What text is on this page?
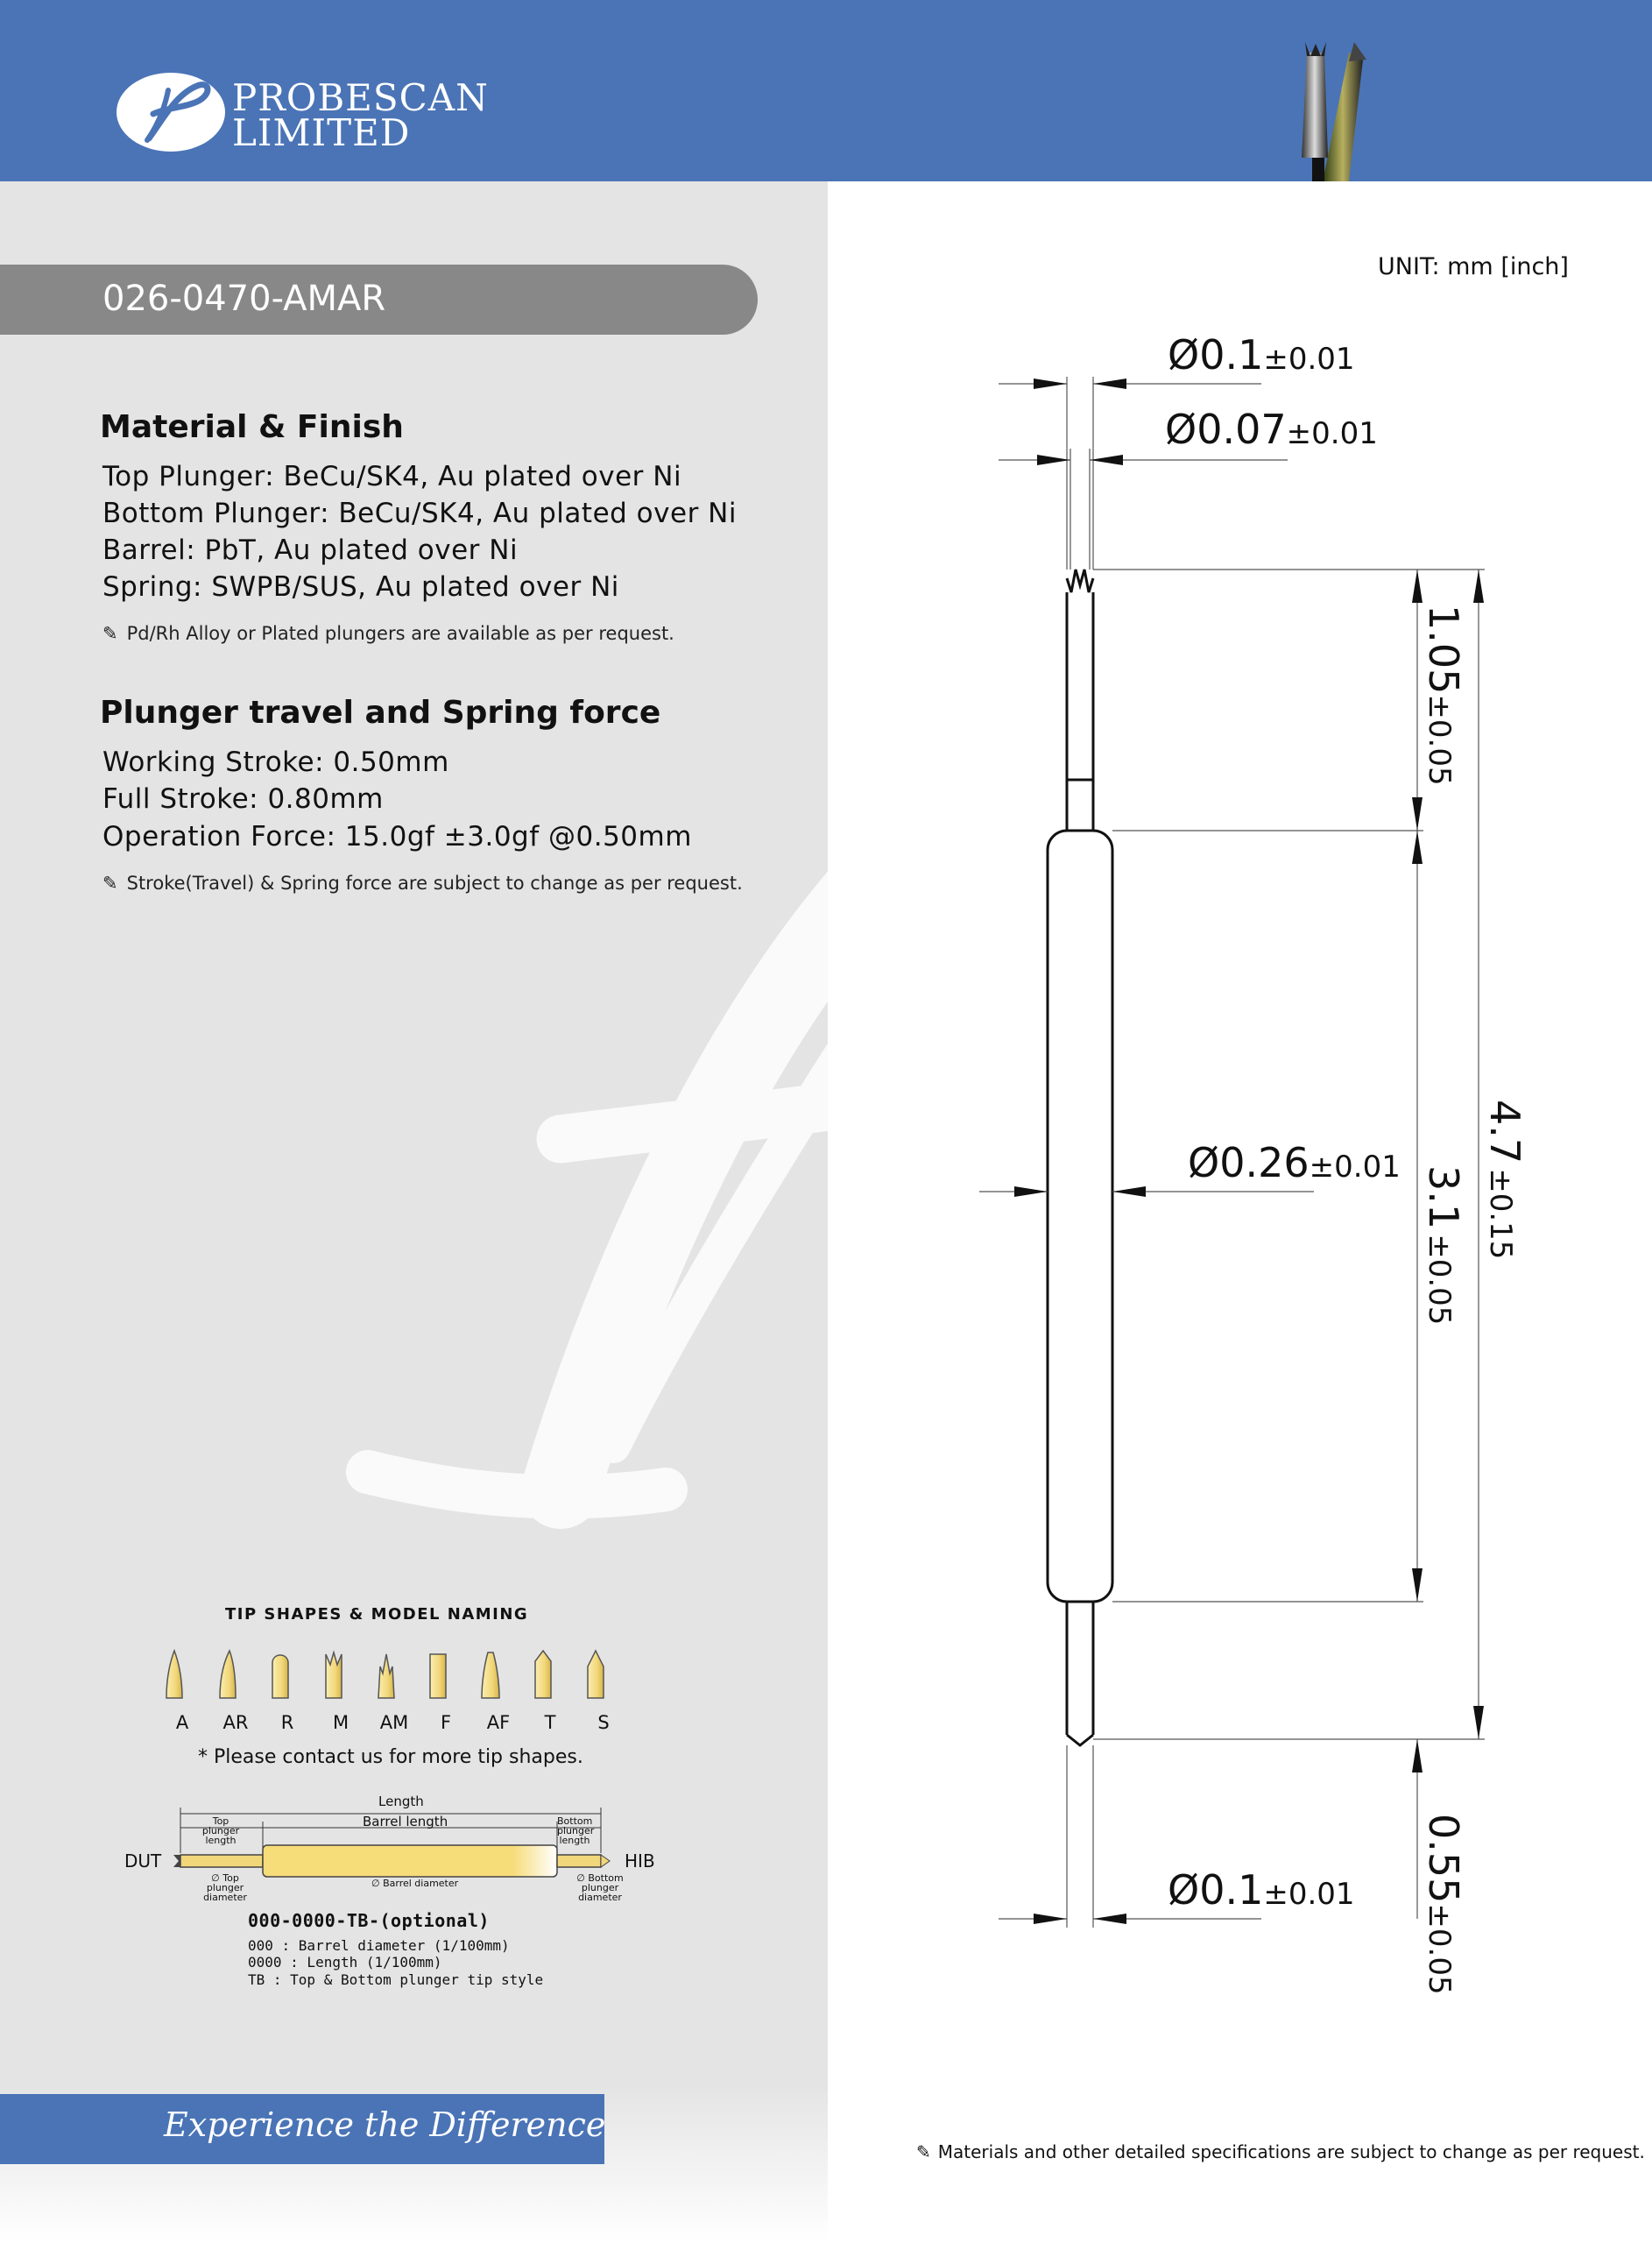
PROBESCAN
LIMITED
026-0470-AMAR
Material & Finish
Top Plunger: BeCu/SK4, Au plated over Ni
Bottom Plunger: BeCu/SK4, Au plated over Ni
Barrel: PbT, Au plated over Ni
Spring: SWPB/SUS, Au plated over Ni
✎ Pd/Rh Alloy or Plated plungers are available as per request.
Plunger travel and Spring force
Working Stroke: 0.50mm
Full Stroke: 0.80mm
Operation Force: 15.0gf ±3.0gf @0.50mm
✎ Stroke(Travel) & Spring force are subject to change as per request.
TIP SHAPES & MODEL NAMING
A AR R M AM F AF T S
* Please contact us for more tip shapes.
Length
Barrel length
Top plunger length
Bottom plunger length
∅ Top plunger diameter
∅ Barrel diameter	∅ Bottom plunger diameter
DUT	HIB
000-0000-TB-(optional)
000 : Barrel diameter (1/100mm)
0000 : Length (1/100mm)
TB : Top & Bottom plunger tip style
Experience the Difference
UNIT: mm [inch]
Ø0.1±0.01
Ø0.07±0.01
Ø0.26±0.01
Ø0.1±0.01
1.05±0.05
3.1 ±0.05
4.7 ±0.15
0.55±0.05
✎ Materials and other detailed specifications are subject to change as per request.
